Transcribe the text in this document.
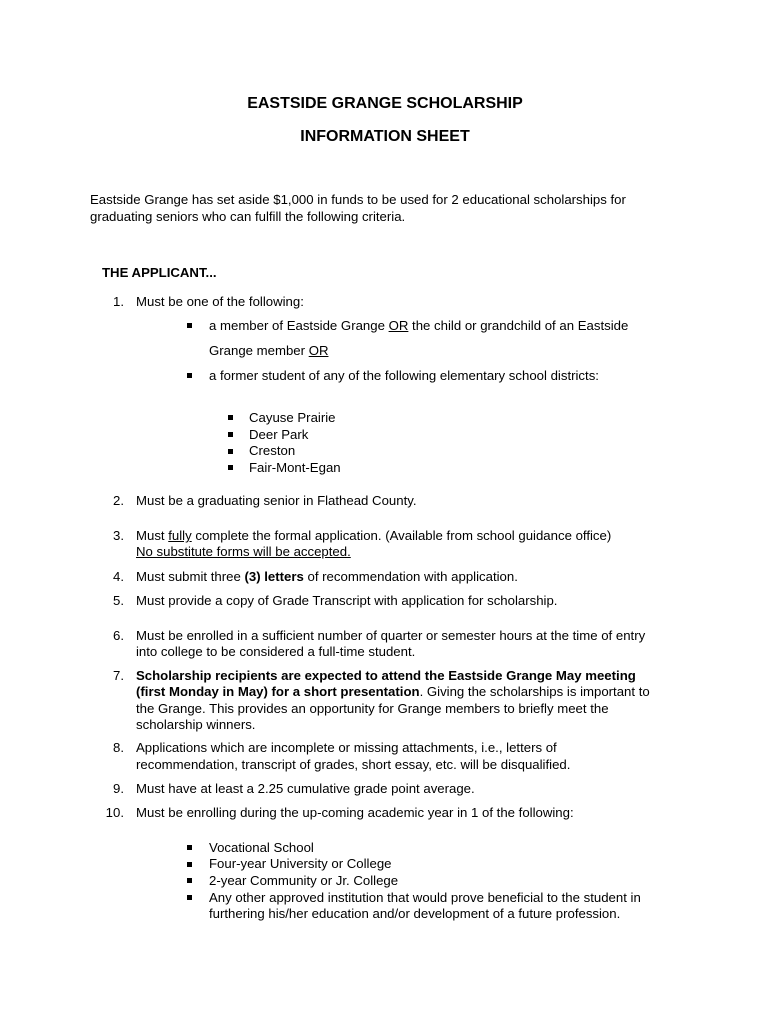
EASTSIDE GRANGE SCHOLARSHIP
INFORMATION SHEET
Eastside Grange has set aside $1,000 in funds to be used for 2 educational scholarships for
graduating seniors who can fulfill the following criteria.
THE APPLICANT...
1. Must be one of the following:
a member of Eastside Grange OR the child or grandchild of an Eastside
Grange member OR
a former student of any of the following elementary school districts:
Cayuse Prairie
Deer Park
Creston
Fair-Mont-Egan
2. Must be a graduating senior in Flathead County.
3. Must fully complete the formal application. (Available from school guidance office)
No substitute forms will be accepted.
4. Must submit three (3) letters of recommendation with application.
5. Must provide a copy of Grade Transcript with application for scholarship.
6. Must be enrolled in a sufficient number of quarter or semester hours at the time of entry
into college to be considered a full-time student.
7. Scholarship recipients are expected to attend the Eastside Grange May meeting
(first Monday in May) for a short presentation. Giving the scholarships is important to
the Grange. This provides an opportunity for Grange members to briefly meet the
scholarship winners.
8. Applications which are incomplete or missing attachments, i.e., letters of
recommendation, transcript of grades, short essay, etc. will be disqualified.
9. Must have at least a 2.25 cumulative grade point average.
10. Must be enrolling during the up-coming academic year in 1 of the following:
Vocational School
Four-year University or College
2-year Community or Jr. College
Any other approved institution that would prove beneficial to the student in
furthering his/her education and/or development of a future profession.
